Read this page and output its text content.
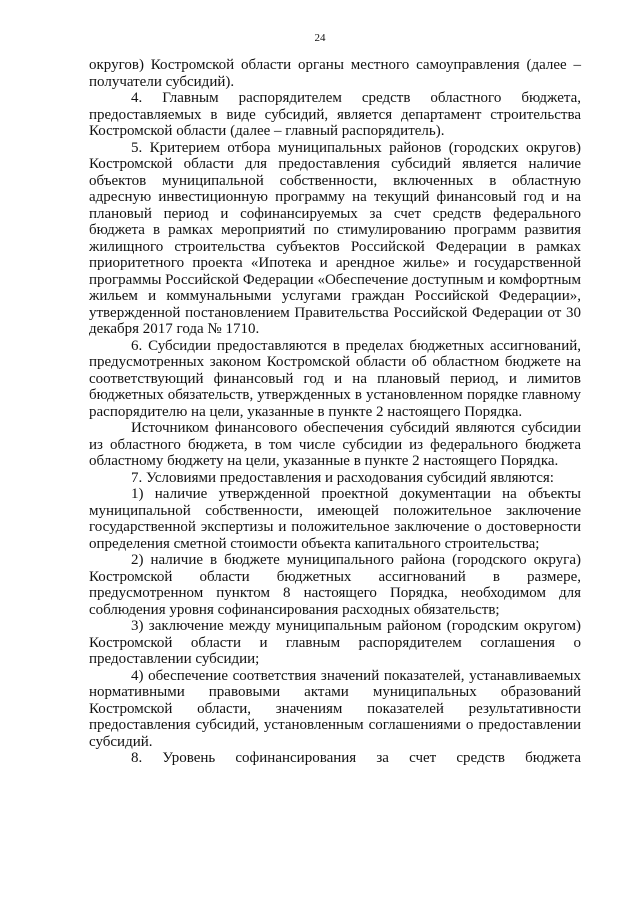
24

округов) Костромской области органы местного самоуправления (далее – получатели субсидий).

4. Главным распорядителем средств областного бюджета, предоставляемых в виде субсидий, является департамент строительства Костромской области (далее – главный распорядитель).

5. Критерием отбора муниципальных районов (городских округов) Костромской области для предоставления субсидий является наличие объектов муниципальной собственности, включенных в областную адресную инвестиционную программу на текущий финансовый год и на плановый период и софинансируемых за счет средств федерального бюджета в рамках мероприятий по стимулированию программ развития жилищного строительства субъектов Российской Федерации в рамках приоритетного проекта «Ипотека и арендное жилье» и государственной программы Российской Федерации «Обеспечение доступным и комфортным жильем и коммунальными услугами граждан Российской Федерации», утвержденной постановлением Правительства Российской Федерации от 30 декабря 2017 года № 1710.

6. Субсидии предоставляются в пределах бюджетных ассигнований, предусмотренных законом Костромской области об областном бюджете на соответствующий финансовый год и на плановый период, и лимитов бюджетных обязательств, утвержденных в установленном порядке главному распорядителю на цели, указанные в пункте 2 настоящего Порядка.

Источником финансового обеспечения субсидий являются субсидии из областного бюджета, в том числе субсидии из федерального бюджета областному бюджету на цели, указанные в пункте 2 настоящего Порядка.

7. Условиями предоставления и расходования субсидий являются:

1) наличие утвержденной проектной документации на объекты муниципальной собственности, имеющей положительное заключение государственной экспертизы и положительное заключение о достоверности определения сметной стоимости объекта капитального строительства;

2) наличие в бюджете муниципального района (городского округа) Костромской области бюджетных ассигнований в размере, предусмотренном пунктом 8 настоящего Порядка, необходимом для соблюдения уровня софинансирования расходных обязательств;

3) заключение между муниципальным районом (городским округом) Костромской области и главным распорядителем соглашения о предоставлении субсидии;

4) обеспечение соответствия значений показателей, устанавливаемых нормативными правовыми актами муниципальных образований Костромской области, значениям показателей результативности предоставления субсидий, установленным соглашениями о предоставлении субсидий.

8. Уровень софинансирования за счет средств бюджета
